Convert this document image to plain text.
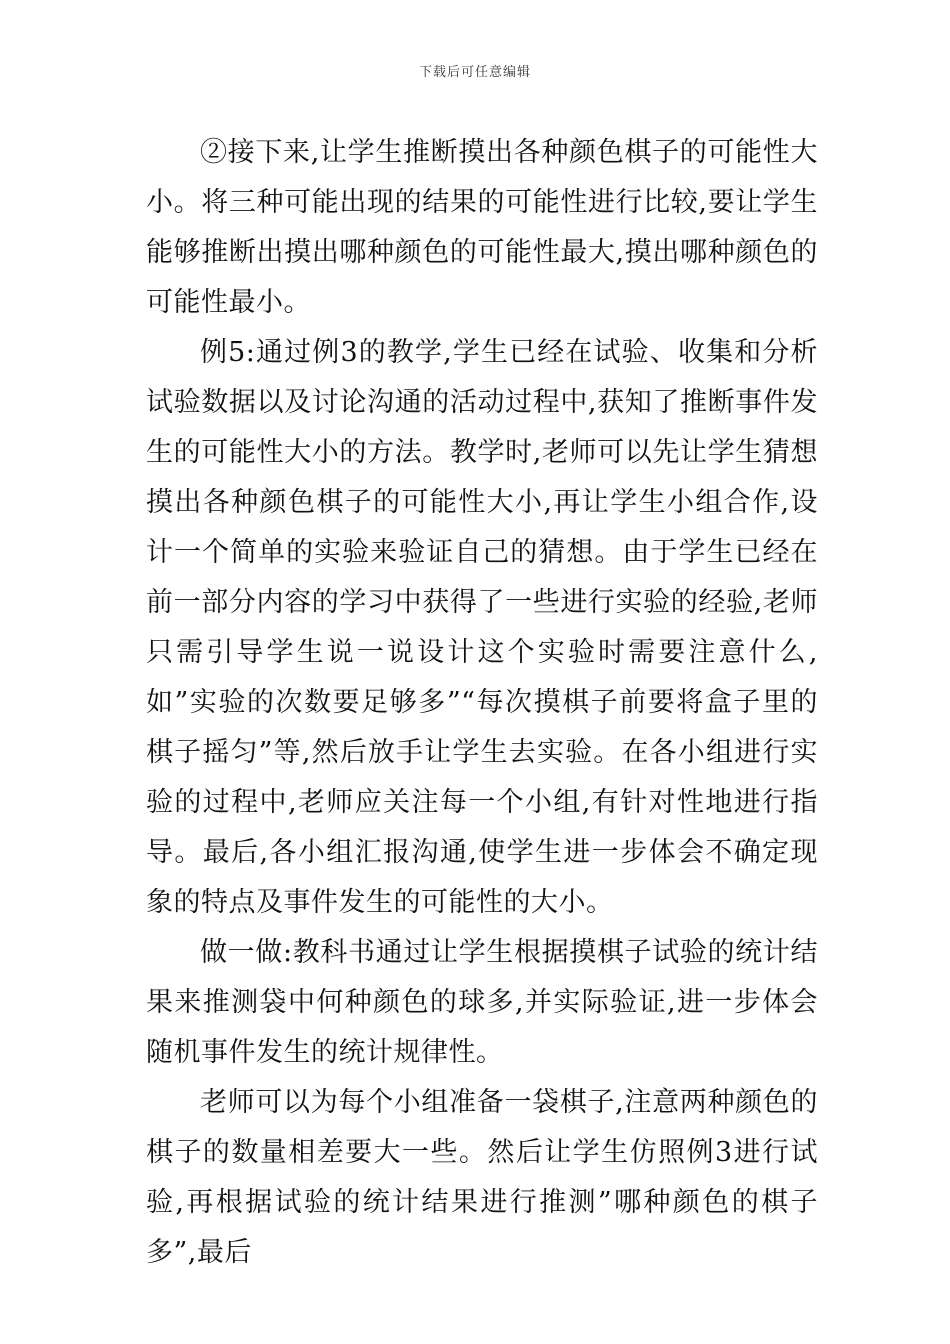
下载后可任意编辑

②接下来,让学生推断摸出各种颜色棋子的可能性大小。将三种可能出现的结果的可能性进行比较,要让学生能够推断出摸出哪种颜色的可能性最大,摸出哪种颜色的可能性最小。

例5:通过例3的教学,学生已经在试验、收集和分析试验数据以及讨论沟通的活动过程中,获知了推断事件发生的可能性大小的方法。教学时,老师可以先让学生猜想摸出各种颜色棋子的可能性大小,再让学生小组合作,设计一个简单的实验来验证自己的猜想。由于学生已经在前一部分内容的学习中获得了一些进行实验的经验,老师只需引导学生说一说设计这个实验时需要注意什么,如”实验的次数要足够多”“每次摸棋子前要将盒子里的棋子摇匀”等,然后放手让学生去实验。在各小组进行实验的过程中,老师应关注每一个小组,有针对性地进行指导。最后,各小组汇报沟通,使学生进一步体会不确定现象的特点及事件发生的可能性的大小。

做一做:教科书通过让学生根据摸棋子试验的统计结果来推测袋中何种颜色的球多,并实际验证,进一步体会随机事件发生的统计规律性。

老师可以为每个小组准备一袋棋子,注意两种颜色的棋子的数量相差要大一些。然后让学生仿照例3进行试验,再根据试验的统计结果进行推测”哪种颜色的棋子多”,最后
